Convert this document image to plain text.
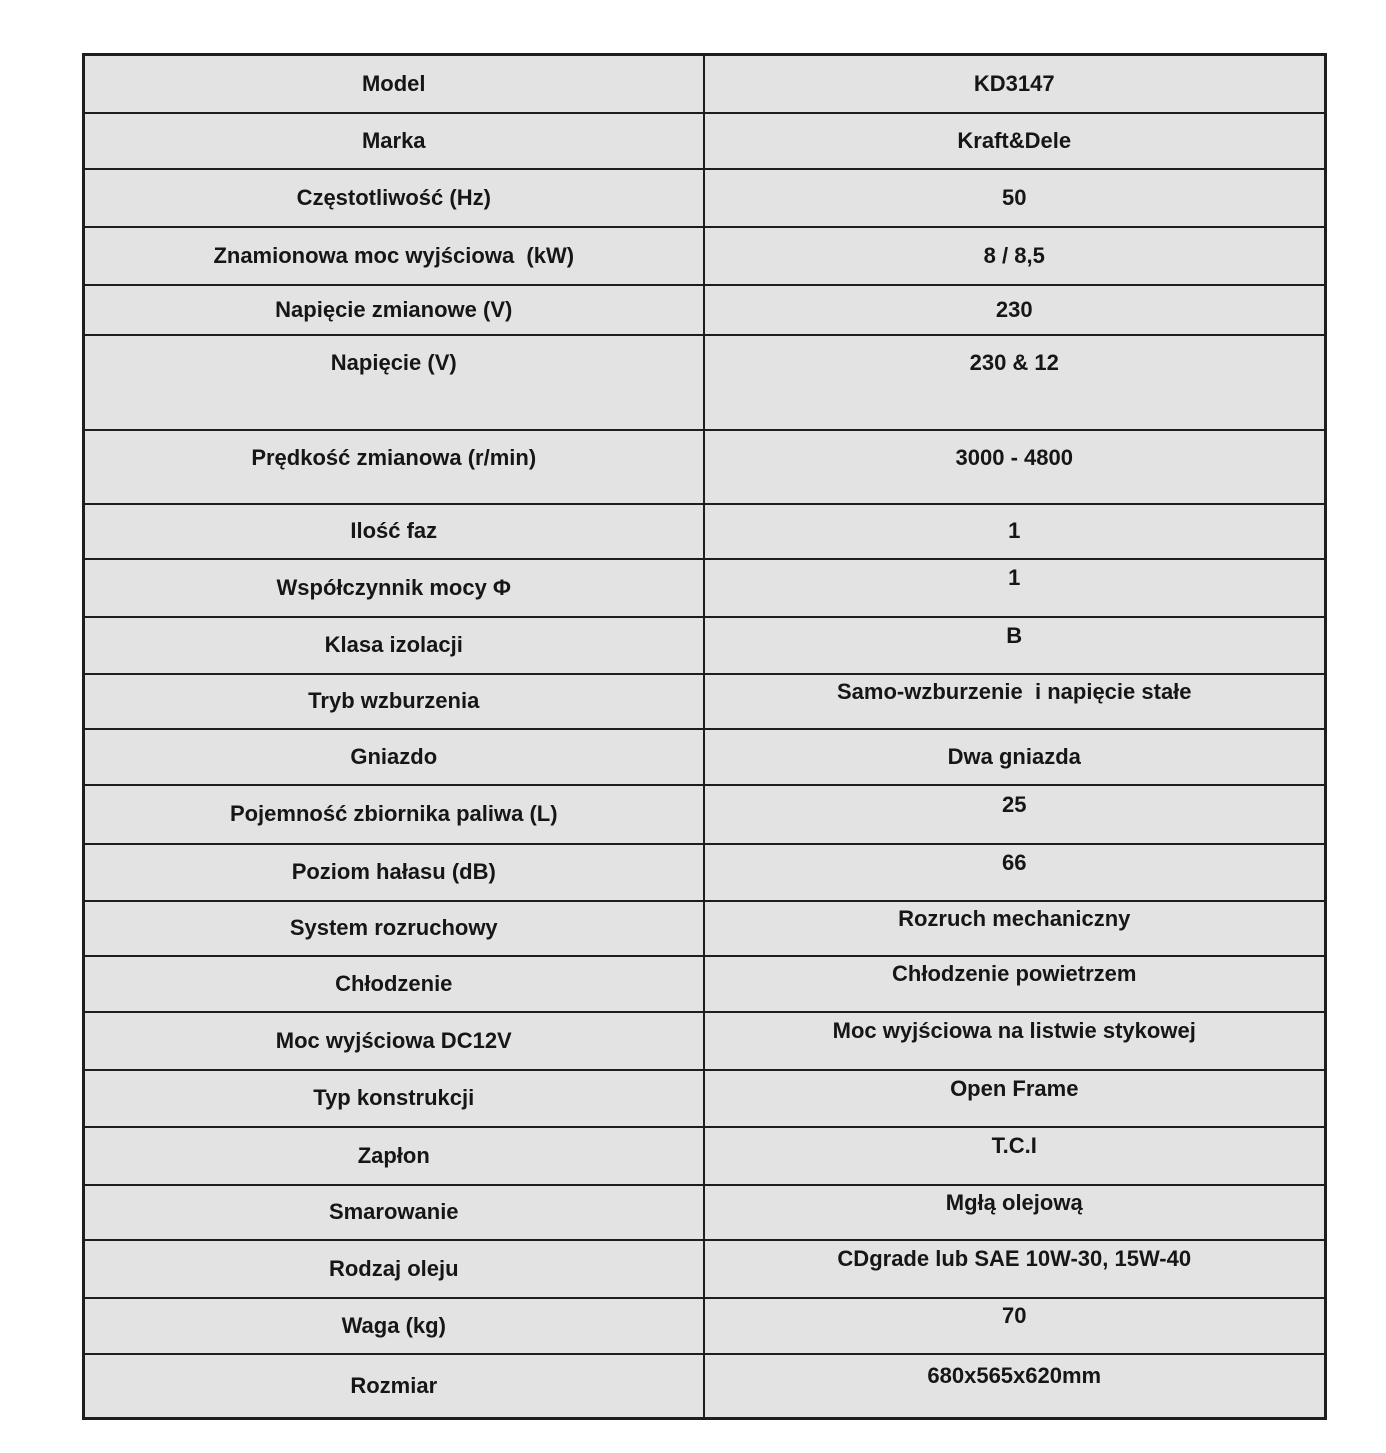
Model	KD3147
Marka	Kraft&Dele
Częstotliwość (Hz)	50
Znamionowa moc wyjściowa  (kW)	8 / 8,5
Napięcie zmianowe (V)	230
Napięcie (V)	230 & 12
Prędkość zmianowa (r/min)	3000 - 4800
Ilość faz	1
Współczynnik mocy Φ	1
Klasa izolacji	B
Tryb wzburzenia	Samo-wzburzenie  i napięcie stałe
Gniazdo	Dwa gniazda
Pojemność zbiornika paliwa (L)	25
Poziom hałasu (dB)	66
System rozruchowy	Rozruch mechaniczny
Chłodzenie	Chłodzenie powietrzem
Moc wyjściowa DC12V	Moc wyjściowa na listwie stykowej
Typ konstrukcji	Open Frame
Zapłon	T.C.I
Smarowanie	Mgłą olejową
Rodzaj oleju	CDgrade lub SAE 10W-30, 15W-40
Waga (kg)	70
Rozmiar	680x565x620mm
